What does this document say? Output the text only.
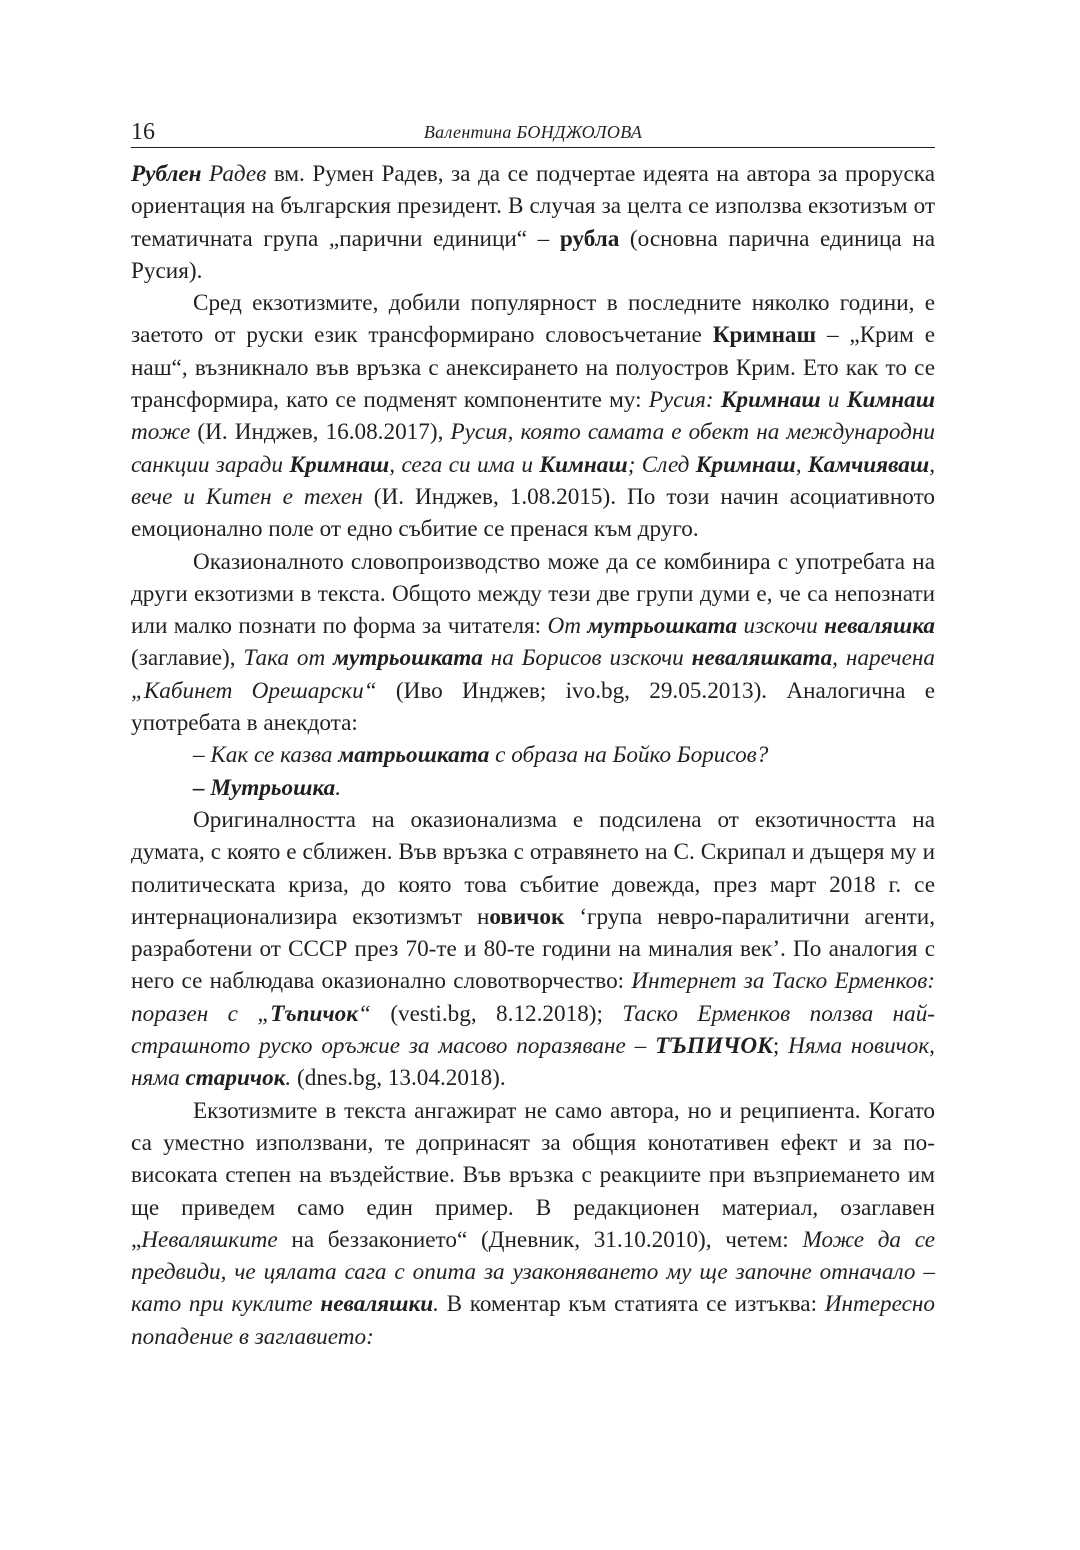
16	Валентина БОНДЖОЛОВА

Рублен Радев вм. Румен Радев, за да се подчертае идеята на автора за проруска ориентация на българския президент. В случая за целта се използва екзотизъм от тематичната група „парични единици“ – рубла (основна парична единица на Русия).

Сред екзотизмите, добили популярност в последните няколко години, е заетото от руски език трансформирано словосъчетание Кримнаш – „Крим е наш“, възникнало във връзка с анексирането на полуостров Крим. Ето как то се трансформира, като се подменят компонентите му: Русия: Кримнаш и Кимнаш тоже (И. Инджев, 16.08.2017), Русия, която самата е обект на международни санкции заради Кримнаш, сега си има и Кимнаш; След Кримнаш, Камчияваш, вече и Китен е техен (И. Инджев, 1.08.2015). По този начин асоциативното емоционално поле от едно събитие се пренася към друго.

Оказионалното словопроизводство може да се комбинира с употребата на други екзотизми в текста. Общото между тези две групи думи е, че са непознати или малко познати по форма за читателя: От мутрьошката изскочи неваляшка (заглавие), Така от мутрьошката на Борисов изскочи неваляшката, наречена „Кабинет Орешарски“ (Иво Инджев; ivo.bg, 29.05.2013). Аналогична е употребата в анекдота:

– Как се казва матрьошката с образа на Бойко Борисов?

– Мутрьошка.

Оригиналността на оказионализма е подсилена от екзотичността на думата, с която е сближен. Във връзка с отравянето на С. Скрипал и дъщеря му и политическата криза, до която това събитие довежда, през март 2018 г. се интернационализира екзотизмът новичок ‘група невро-паралитични агенти, разработени от СССР през 70-те и 80-те години на миналия век’. По аналогия с него се наблюдава оказионално словотворчество: Интернет за Таско Ерменков: поразен с „Тъпичок“ (vesti.bg, 8.12.2018); Таско Ерменков ползва най-страшното руско оръжие за масово поразяване – ТЪПИЧОК; Няма новичок, няма старичок. (dnes.bg, 13.04.2018).

Екзотизмите в текста ангажират не само автора, но и реципиента. Когато са уместно използвани, те допринасят за общия конотативен ефект и за по-високата степен на въздействие. Във връзка с реакциите при възприемането им ще приведем само един пример. В редакционен материал, озаглавен „Неваляшките на беззаконието“ (Дневник, 31.10.2010), четем: Може да се предвиди, че цялата сага с опита за узаконяването му ще започне отначало – като при куклите неваляшки. В коментар към статията се изтъква: Интересно попадение в заглавието:
